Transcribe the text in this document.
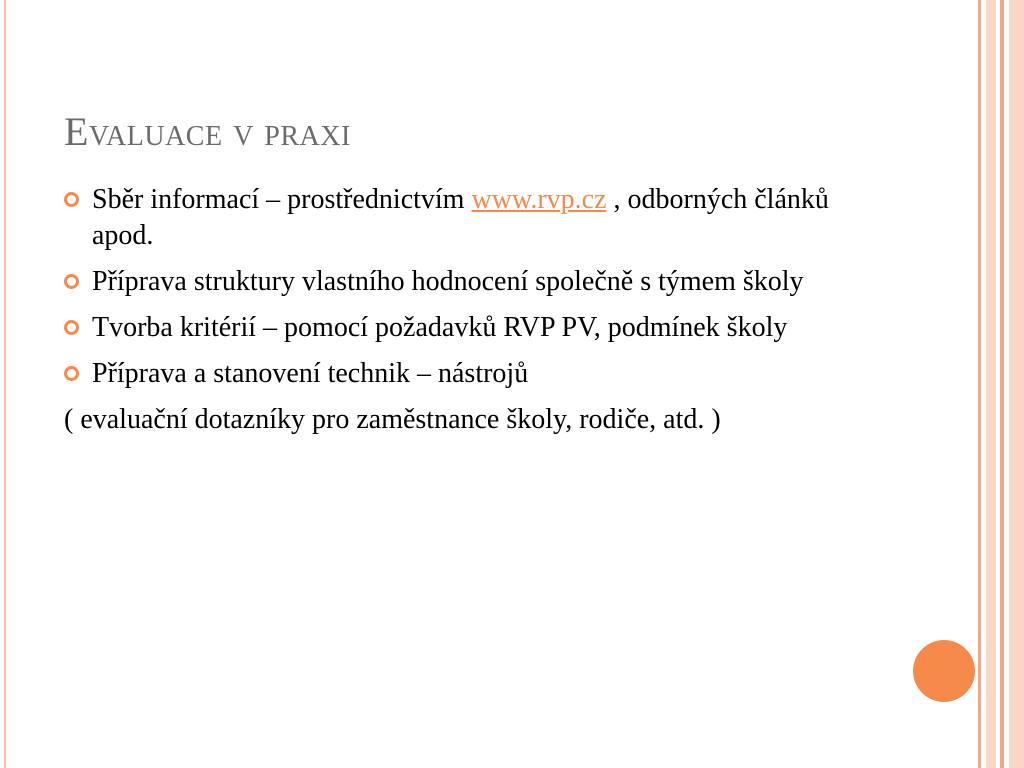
Evaluace v praxi
Sběr informací – prostřednictvím www.rvp.cz , odborných článků apod.
Příprava struktury vlastního hodnocení společně s týmem školy
Tvorba kritérií – pomocí požadavků RVP PV, podmínek školy
Příprava a stanovení technik – nástrojů
( evaluační dotazníky pro zaměstnance školy, rodiče, atd. )
